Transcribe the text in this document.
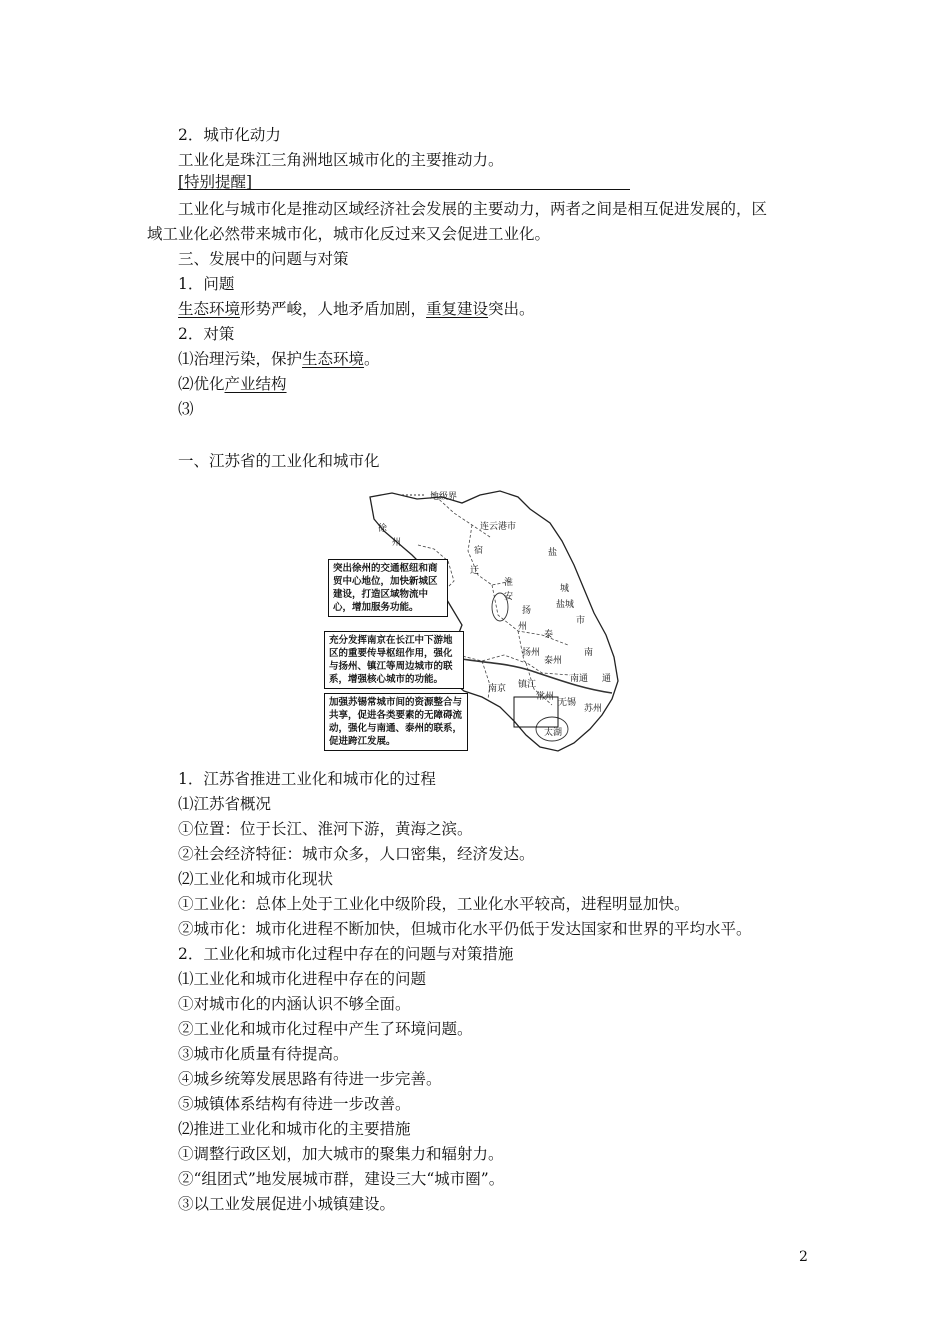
2．城市化动力
工业化是珠江三角洲地区城市化的主要推动力。
[特别提醒]
工业化与城市化是推动区域经济社会发展的主要动力，两者之间是相互促进发展的，区
域工业化必然带来城市化，城市化反过来又会促进工业化。
三、发展中的问题与对策
1．问题
生态环境形势严峻，人地矛盾加剧，重复建设突出。
2．对策
⑴治理污染，保护生态环境。
⑵优化产业结构
⑶
一、江苏省的工业化和城市化
地级界
徐
州
连云港市
宿
迁
盐
城
盐城
淮
安
扬
州
市
泰
南
通
扬州
泰州
南通
南京 镇江
常州
无锡
苏州
太湖
突出徐州的交通枢纽和商贸中心地位，加快新城区建设，打造区域物流中心，增加服务功能。
充分发挥南京在长江中下游地区的重要传导枢纽作用，强化与扬州、镇江等周边城市的联系，增强核心城市的功能。
加强苏锡常城市间的资源整合与共享，促进各类要素的无障碍流动，强化与南通、泰州的联系，促进跨江发展。
1．江苏省推进工业化和城市化的过程
⑴江苏省概况
①位置：位于长江、淮河下游，黄海之滨。
②社会经济特征：城市众多，人口密集，经济发达。
⑵工业化和城市化现状
①工业化：总体上处于工业化中级阶段，工业化水平较高，进程明显加快。
②城市化：城市化进程不断加快，但城市化水平仍低于发达国家和世界的平均水平。
2．工业化和城市化过程中存在的问题与对策措施
⑴工业化和城市化进程中存在的问题
①对城市化的内涵认识不够全面。
②工业化和城市化过程中产生了环境问题。
③城市化质量有待提高。
④城乡统筹发展思路有待进一步完善。
⑤城镇体系结构有待进一步改善。
⑵推进工业化和城市化的主要措施
①调整行政区划，加大城市的聚集力和辐射力。
②“组团式”地发展城市群，建设三大“城市圈”。
③以工业发展促进小城镇建设。
2
